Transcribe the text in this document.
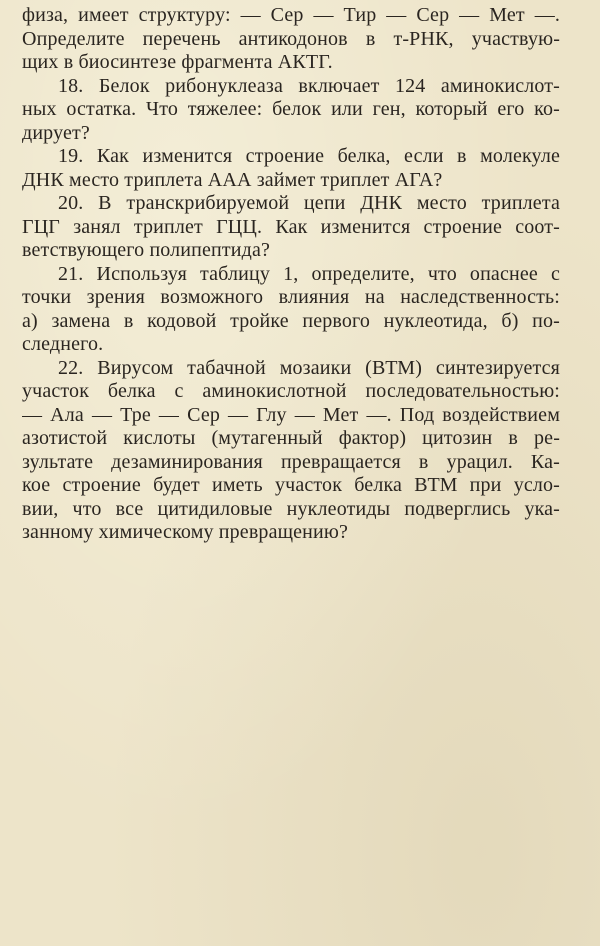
физа, имеет структуру: — Сер — Тир — Сер — Мет —.
Определите перечень антикодонов в т-РНК, участвую-
щих в биосинтезе фрагмента АКТГ.
18. Белок рибонуклеаза включает 124 аминокислот-
ных остатка. Что тяжелее: белок или ген, который его ко-
дирует?
19. Как изменится строение белка, если в молекуле
ДНК место триплета ААА займет триплет АГА?
20. В транскрибируемой цепи ДНК место триплета
ГЦГ занял триплет ГЦЦ. Как изменится строение соот-
ветствующего полипептида?
21. Используя таблицу 1, определите, что опаснее с
точки зрения возможного влияния на наследственность:
а) замена в кодовой тройке первого нуклеотида, б) по-
следнего.
22. Вирусом табачной мозаики (ВТМ) синтезируется
участок белка с аминокислотной последовательностью:
— Ала — Тре — Сер — Глу — Мет —. Под воздействием
азотистой кислоты (мутагенный фактор) цитозин в ре-
зультате дезаминирования превращается в урацил. Ка-
кое строение будет иметь участок белка ВТМ при усло-
вии, что все цитидиловые нуклеотиды подверглись ука-
занному химическому превращению?
